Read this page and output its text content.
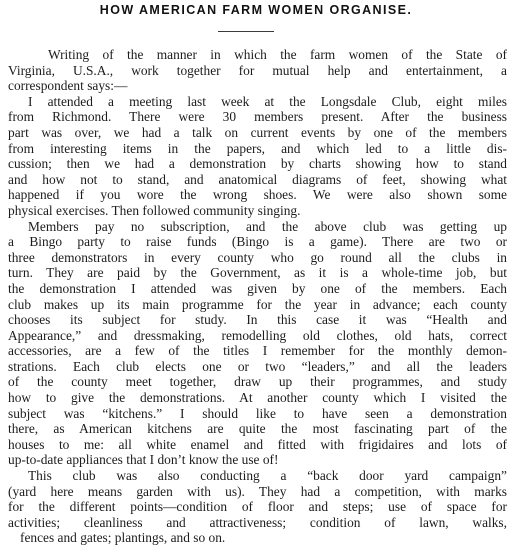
HOW AMERICAN FARM WOMEN ORGANISE.
Writing of the manner in which the farm women of the State of
Virginia, U.S.A., work together for mutual help and entertainment, a
correspondent says:—
I attended a meeting last week at the Longsdale Club, eight miles
from Richmond. There were 30 members present. After the business
part was over, we had a talk on current events by one of the members
from interesting items in the papers, and which led to a little dis-
cussion; then we had a demonstration by charts showing how to stand
and how not to stand, and anatomical diagrams of feet, showing what
happened if you wore the wrong shoes. We were also shown some
physical exercises. Then followed community singing.
Members pay no subscription, and the above club was getting up
a Bingo party to raise funds (Bingo is a game). There are two or
three demonstrators in every county who go round all the clubs in
turn. They are paid by the Government, as it is a whole-time job, but
the demonstration I attended was given by one of the members. Each
club makes up its main programme for the year in advance; each county
chooses its subject for study. In this case it was “Health and
Appearance,” and dressmaking, remodelling old clothes, old hats, correct
accessories, are a few of the titles I remember for the monthly demon-
strations. Each club elects one or two “leaders,” and all the leaders
of the county meet together, draw up their programmes, and study
how to give the demonstrations. At another county which I visited the
subject was “kitchens.” I should like to have seen a demonstration
there, as American kitchens are quite the most fascinating part of the
houses to me: all white enamel and fitted with frigidaires and lots of
up-to-date appliances that I don’t know the use of!
This club was also conducting a “back door yard campaign”
(yard here means garden with us). They had a competition, with marks
for the different points—condition of floor and steps; use of space for
activities; cleanliness and attractiveness; condition of lawn, walks,
fences and gates; plantings, and so on.
